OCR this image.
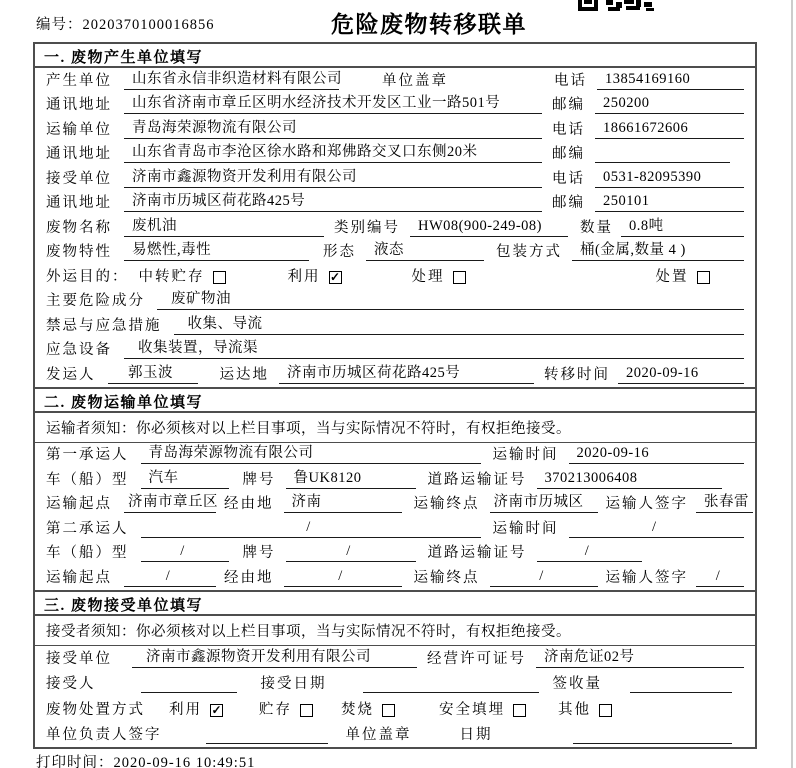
编号：2020370100016856	危险废物转移联单
一. 废物产生单位填写
产生单位	山东省永信非织造材料有限公司	单位盖章	电话	13854169160
通讯地址	山东省济南市章丘区明水经济技术开发区工业一路501号	邮编	250200
运输单位	青岛海荣源物流有限公司	电话	18661672606
通讯地址	山东省青岛市李沧区徐水路和郑佛路交叉口东侧20米	邮编
接受单位	济南市鑫源物资开发利用有限公司	电话	0531-82095390
通讯地址	济南市历城区荷花路425号	邮编	250101
废物名称	废机油	类别编号	HW08(900-249-08)	数量	0.8吨
废物特性	易燃性,毒性	形态	液态	包装方式	桶(金属,数量 4 )
外运目的： 中转贮存	利用 ✓	处理	处置
主要危险成分	废矿物油
禁忌与应急措施	收集、导流
应急设备	收集装置，导流渠
发运人	郭玉波	运达地	济南市历城区荷花路425号	转移时间	2020-09-16
二. 废物运输单位填写
运输者须知：你必须核对以上栏目事项，当与实际情况不符时，有权拒绝接受。
第一承运人	青岛海荣源物流有限公司	运输时间	2020-09-16
车（船）型	汽车	牌号	鲁UK8120	道路运输证号	370213006408
运输起点 济南市章丘区 经由地	济南	运输终点 济南市历城区	运输人签字	张春雷
第二承运人	/	运输时间	/
车（船）型	/	牌号	/	道路运输证号	/
运输起点	/	经由地	/	运输终点	/	运输人签字	/
三. 废物接受单位填写
接受者须知：你必须核对以上栏目事项，当与实际情况不符时，有权拒绝接受。
接受单位	济南市鑫源物资开发利用有限公司	经营许可证号	济南危证02号
接受人	接受日期	签收量
废物处置方式 利用 ✓	贮存	焚烧	安全填埋	其他
单位负责人签字	单位盖章	日期
打印时间：2020-09-16 10:49:51
